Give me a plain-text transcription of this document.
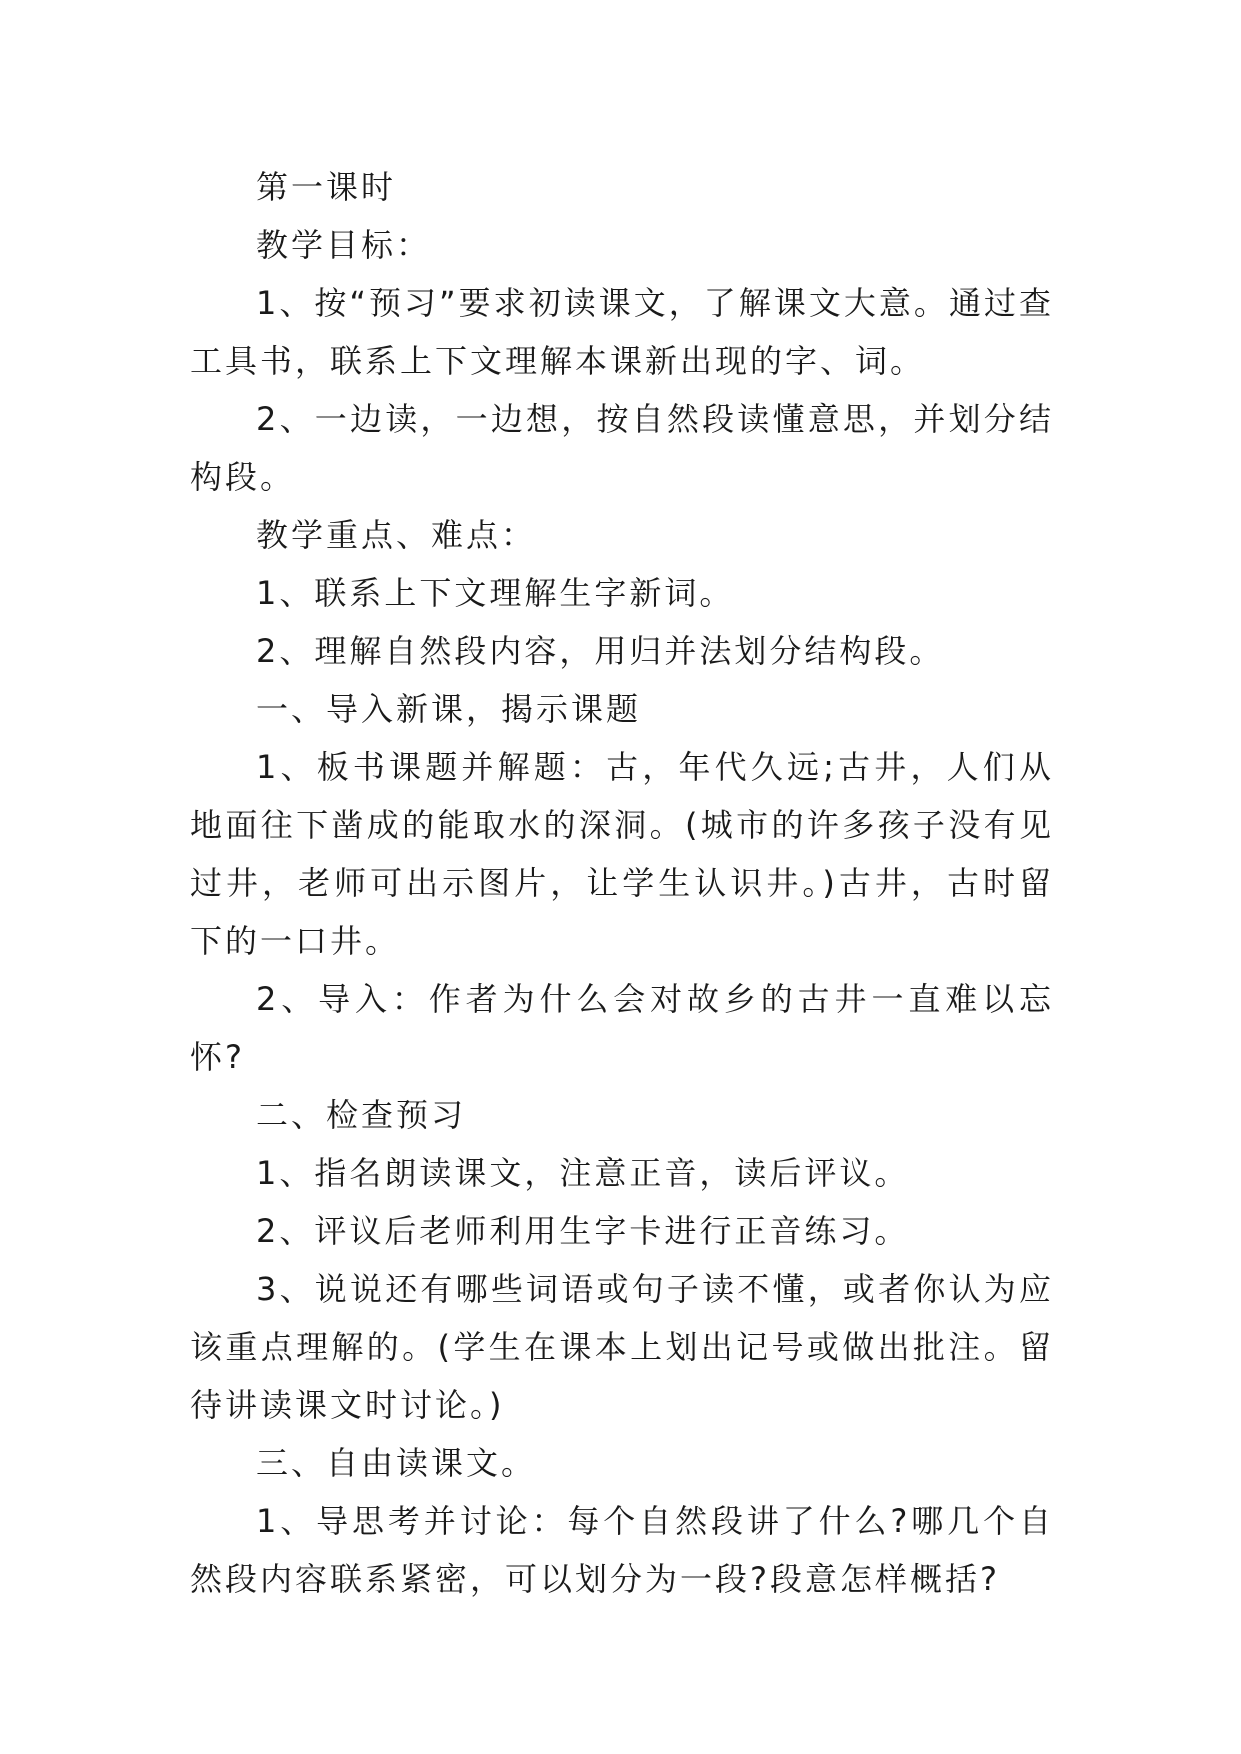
第一课时

教学目标：

1、按“预习”要求初读课文，了解课文大意。通过查工具书，联系上下文理解本课新出现的字、词。

2、一边读，一边想，按自然段读懂意思，并划分结构段。

教学重点、难点：

1、联系上下文理解生字新词。

2、理解自然段内容，用归并法划分结构段。

一、导入新课，揭示课题

1、板书课题并解题：古，年代久远;古井，人们从地面往下凿成的能取水的深洞。(城市的许多孩子没有见过井，老师可出示图片，让学生认识井。)古井，古时留下的一口井。

2、导入：作者为什么会对故乡的古井一直难以忘怀?

二、检查预习

1、指名朗读课文，注意正音，读后评议。

2、评议后老师利用生字卡进行正音练习。

3、说说还有哪些词语或句子读不懂，或者你认为应该重点理解的。(学生在课本上划出记号或做出批注。留待讲读课文时讨论。)

三、自由读课文。

1、导思考并讨论：每个自然段讲了什么?哪几个自然段内容联系紧密，可以划分为一段?段意怎样概括?
